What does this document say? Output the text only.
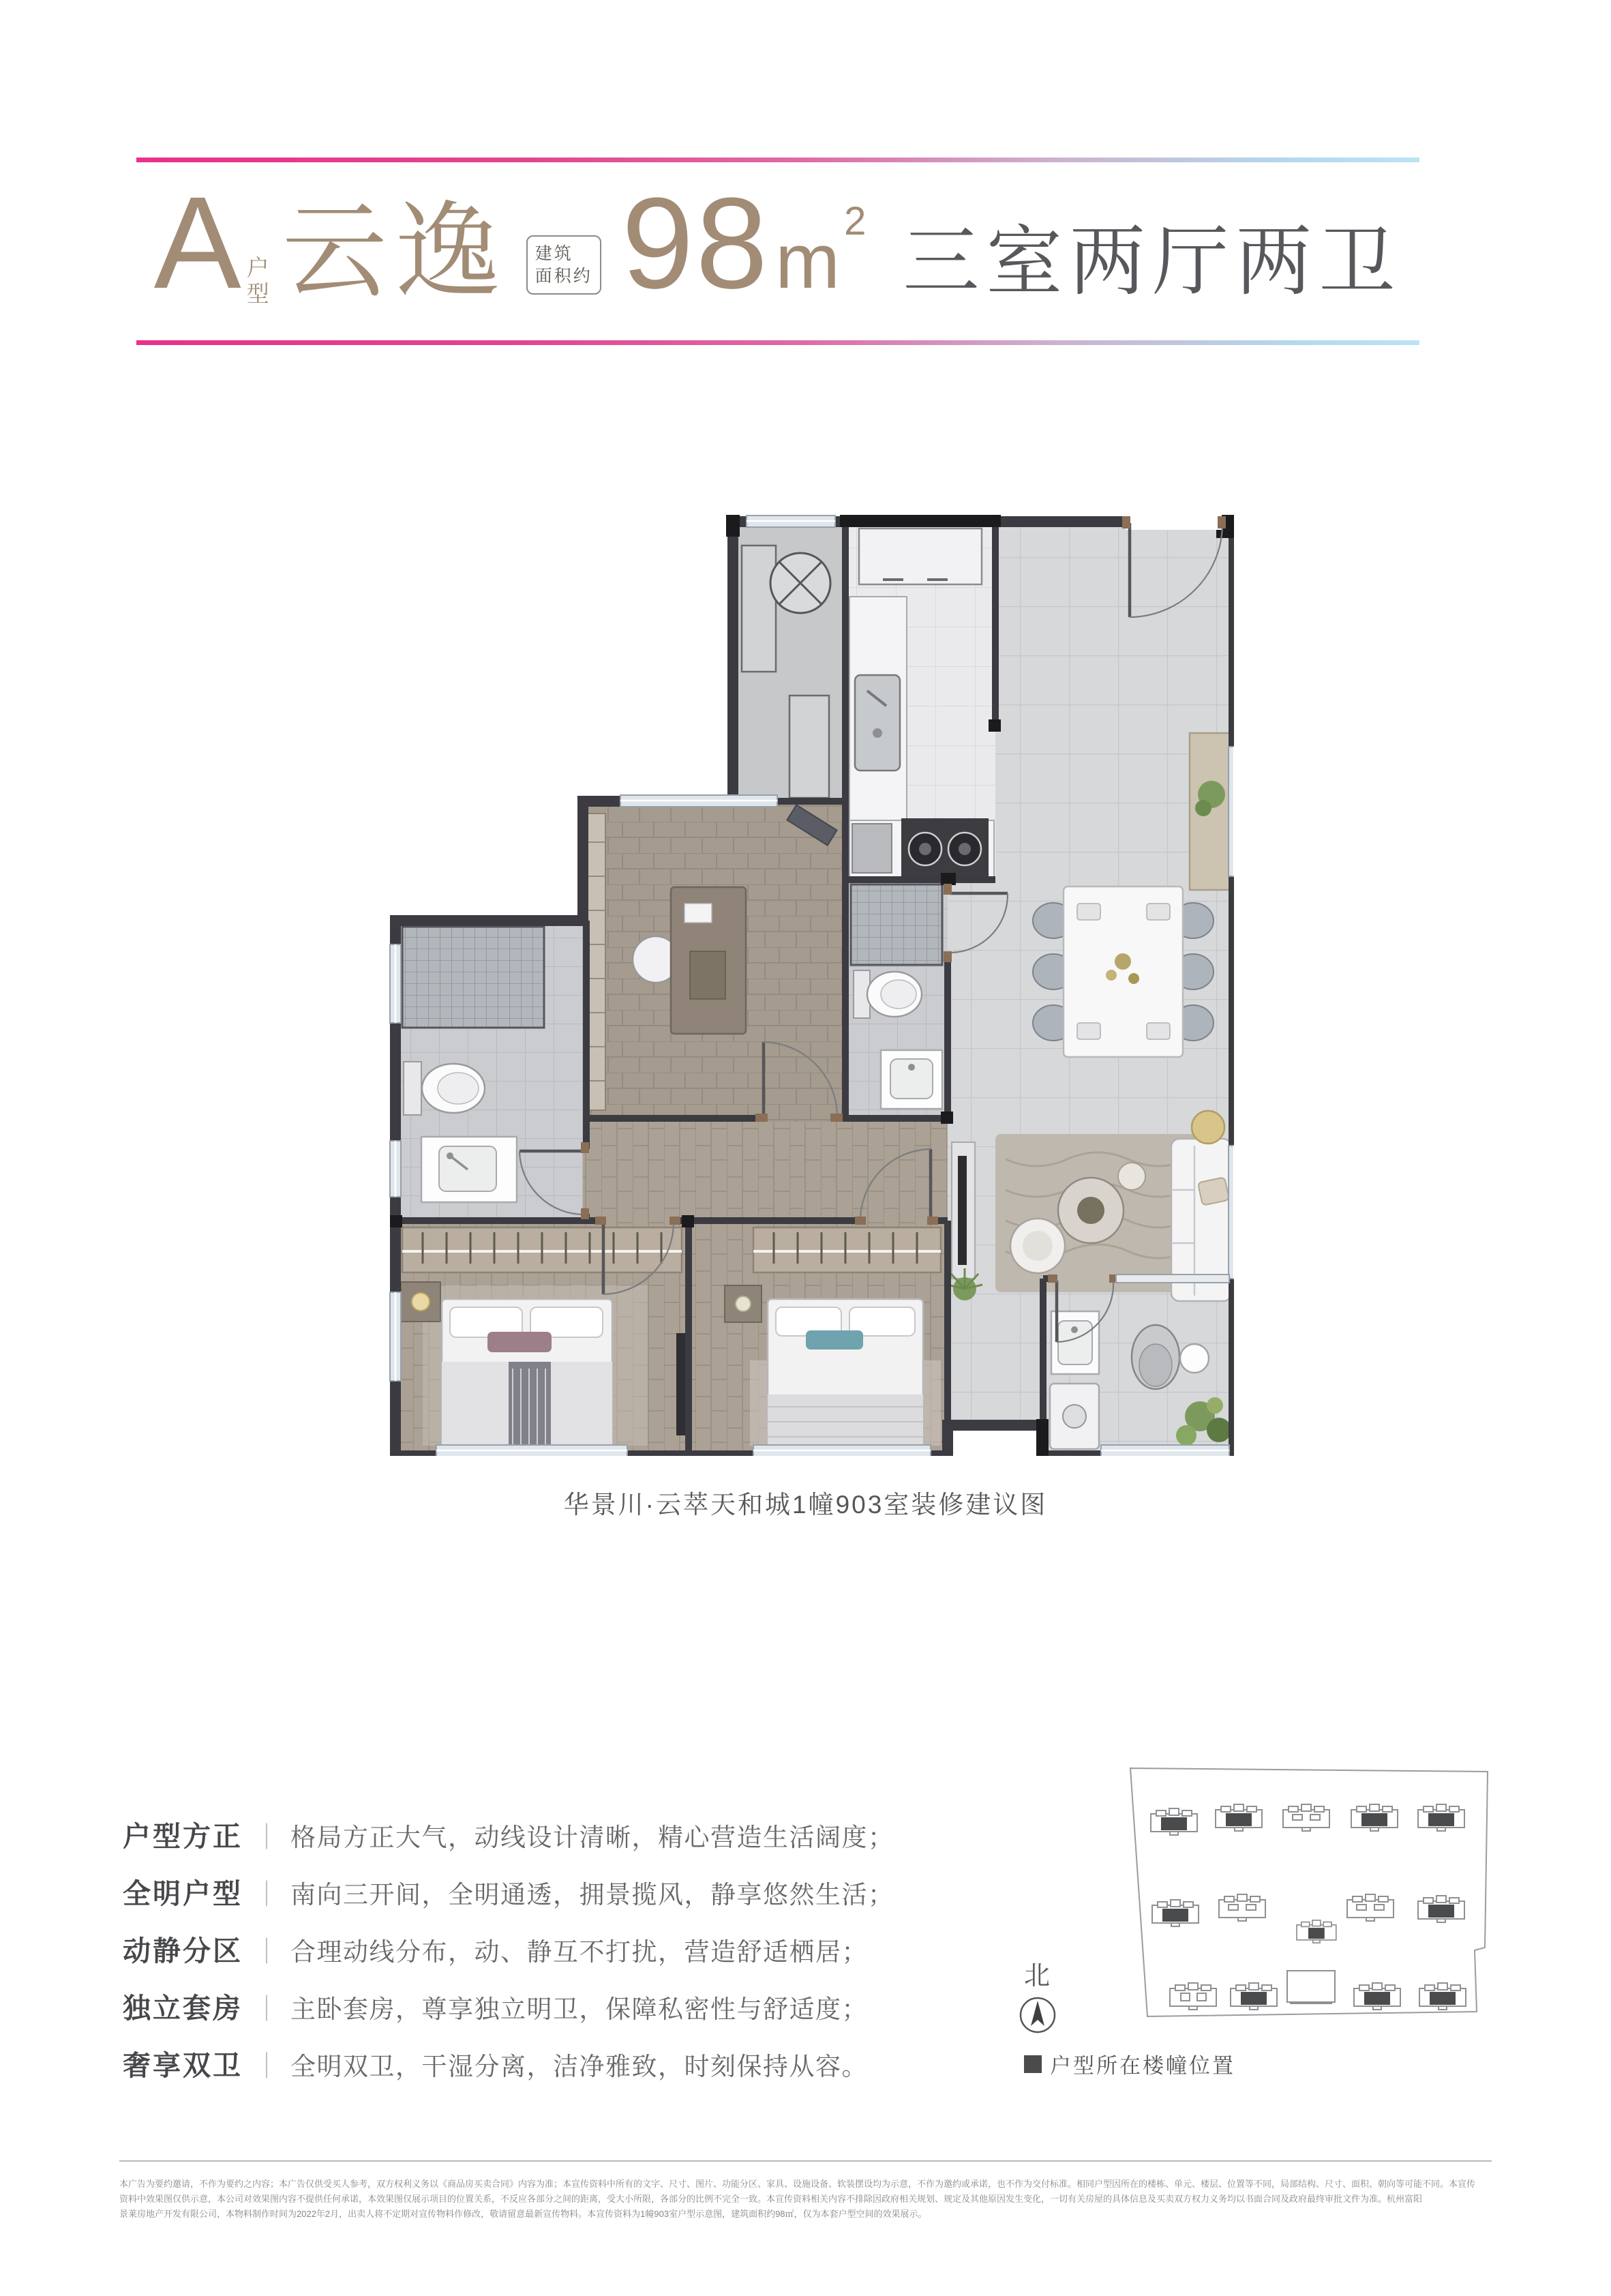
A 户
型 云逸 建筑
面积约 98 m $^2$ 三室两厅两卫
华景川·云萃天和城1幢903室装修建议图
户型方正 ｜ 格局方正大气，动线设计清晰，精心营造生活阔度；
全明户型 ｜ 南向三开间，全明通透，拥景揽风，静享悠然生活；
动静分区 ｜ 合理动线分布，动、静互不打扰，营造舒适栖居；
独立套房 ｜ 主卧套房，尊享独立明卫，保障私密性与舒适度；
奢享双卫 ｜ 全明双卫，干湿分离，洁净雅致，时刻保持从容。
北
户型所在楼幢位置
本广告为要约邀请，不作为要约之内容；本广告仅供受买人参考，双方权利义务以《商品房买卖合同》内容为准；本宣传资料中所有的文字、尺寸、图片、功能分区、家具、设施设备、软装摆设均为示意，不作为邀约或承诺，也不作为交付标准。相同户型因所在的楼栋、单元、楼层、位置等不同，局部结构、尺寸、面积、朝向等可能不同。本宣传
资料中效果图仅供示意，本公司对效果图内容不提供任何承诺，本效果图仅展示项目的位置关系，不反应各部分之间的距离，受大小所限，各部分的比例不完全一致。本宣传资料相关内容不排除因政府相关规划、规定及其他原因发生变化，一切有关房屋的具体信息及买卖双方权力义务均以书面合同及政府最终审批文件为准。杭州富阳
景莱房地产开发有限公司，本物料制作时间为2022年2月，出卖人将不定期对宣传物料作修改，敬请留意最新宣传物料。本宣传资料为1幢903室户型示意图，建筑面积约98㎡，仅为本套户型空间的效果展示。
